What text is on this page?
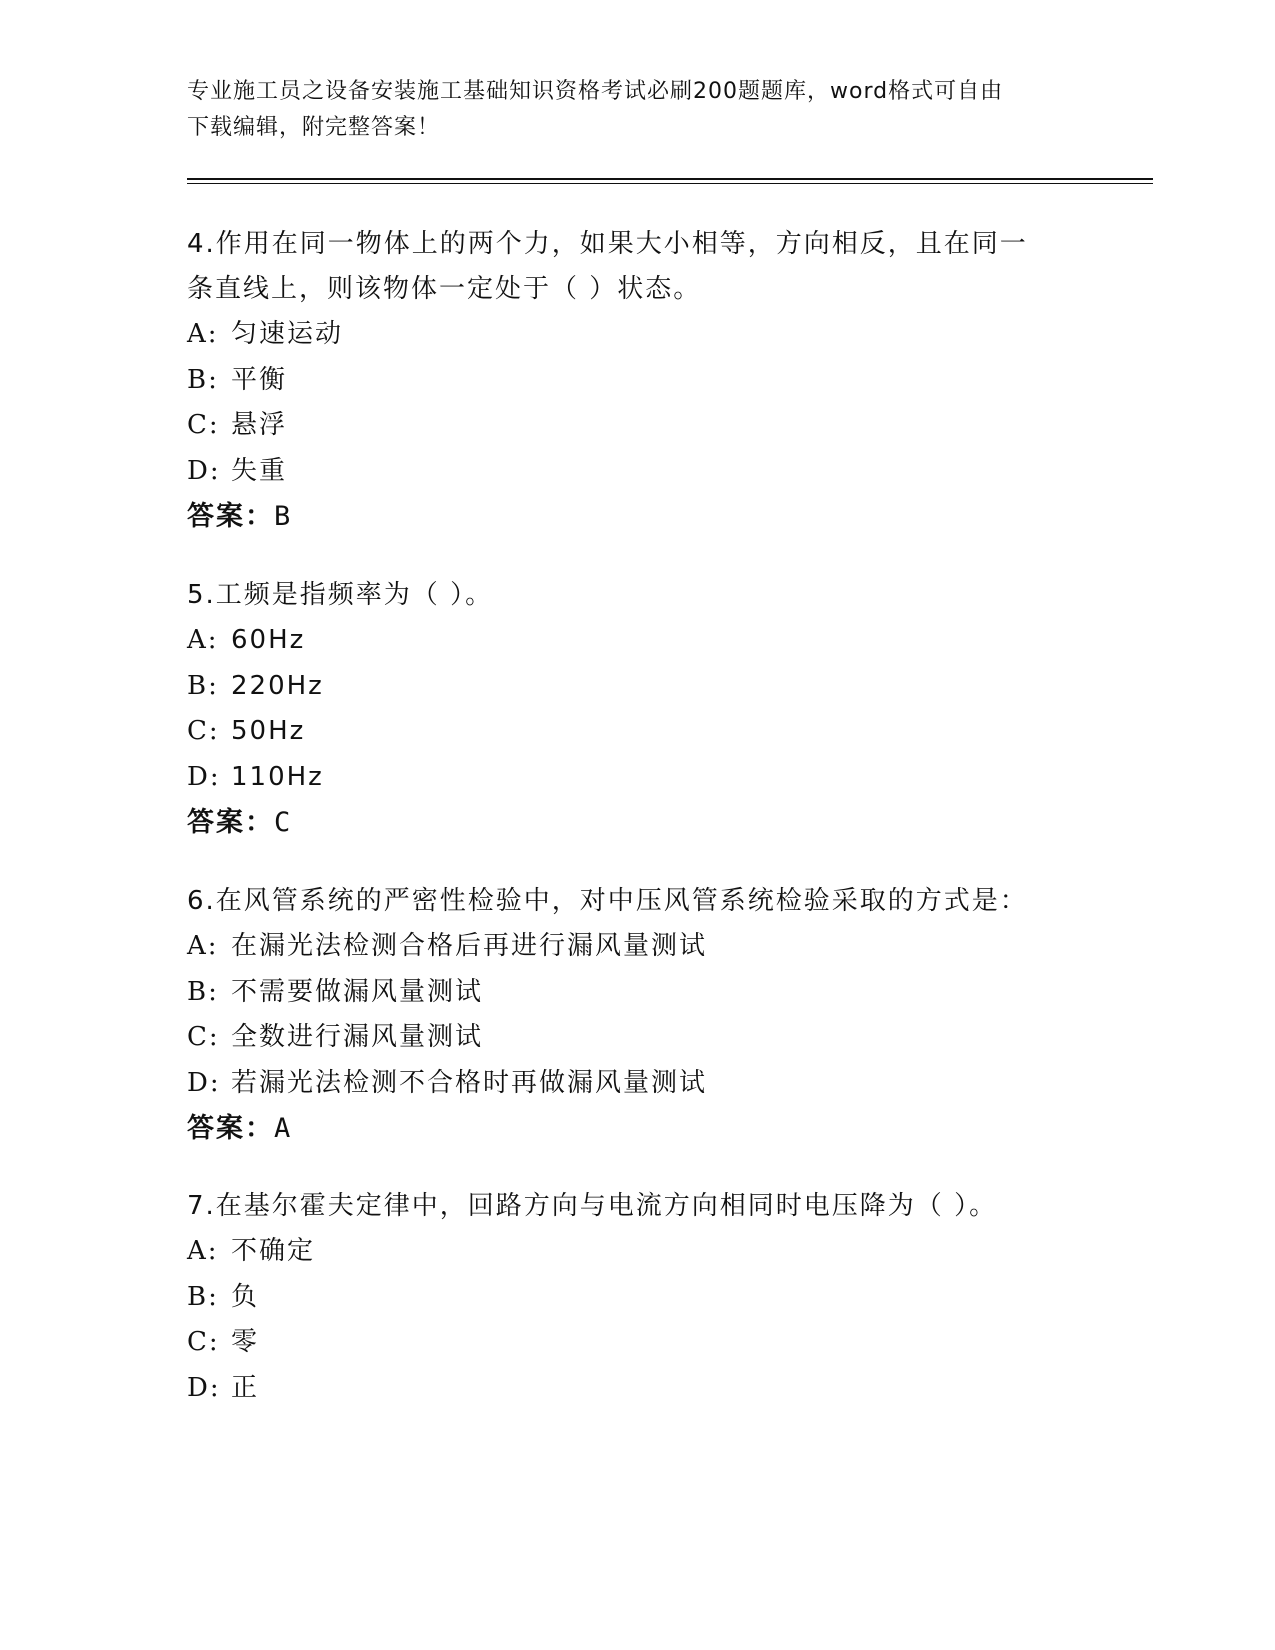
专业施工员之设备安装施工基础知识资格考试必刷200题题库，word格式可自由
下载编辑，附完整答案！
4.作用在同一物体上的两个力，如果大小相等，方向相反，且在同一
条直线上，则该物体一定处于（ ）状态。
A: 匀速运动
B: 平衡
C: 悬浮
D: 失重
答案：B
5.工频是指频率为（ ）。
A: 60Hz
B: 220Hz
C: 50Hz
D: 110Hz
答案：C
6.在风管系统的严密性检验中，对中压风管系统检验采取的方式是：
A: 在漏光法检测合格后再进行漏风量测试
B: 不需要做漏风量测试
C: 全数进行漏风量测试
D: 若漏光法检测不合格时再做漏风量测试
答案：A
7.在基尔霍夫定律中，回路方向与电流方向相同时电压降为（ ）。
A: 不确定
B: 负
C: 零
D: 正
